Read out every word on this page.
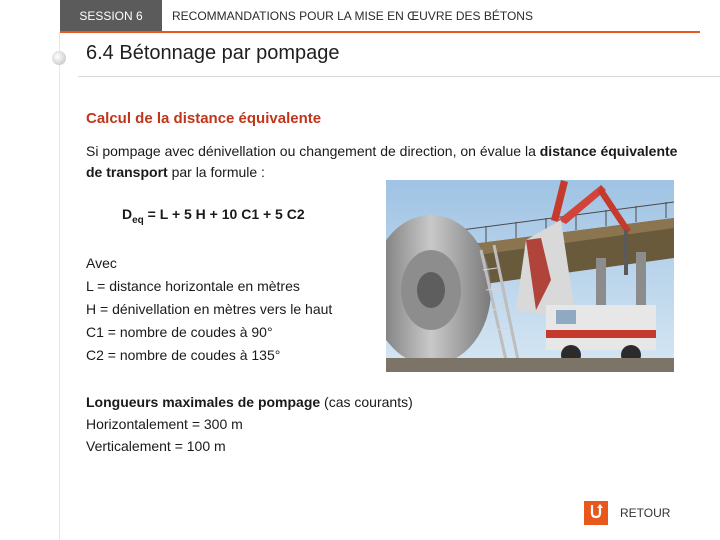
SESSION 6 RECOMMANDATIONS POUR LA MISE EN ŒUVRE DES BÉTONS
6.4 Bétonnage par pompage
Calcul de la distance équivalente
Si pompage avec dénivellation ou changement de direction, on évalue la distance équivalente de transport par la formule :
$D_{eq} = L + 5$ H + 10 C1 + 5 C2
Avec
L = distance horizontale en mètres
H = dénivellation en mètres vers le haut
C1 = nombre de coudes à 90°
C2 = nombre de coudes à 135°
Longueurs maximales de pompage (cas courants)
Horizontalement = 300 m
Verticalement = 100 m
RETOUR
